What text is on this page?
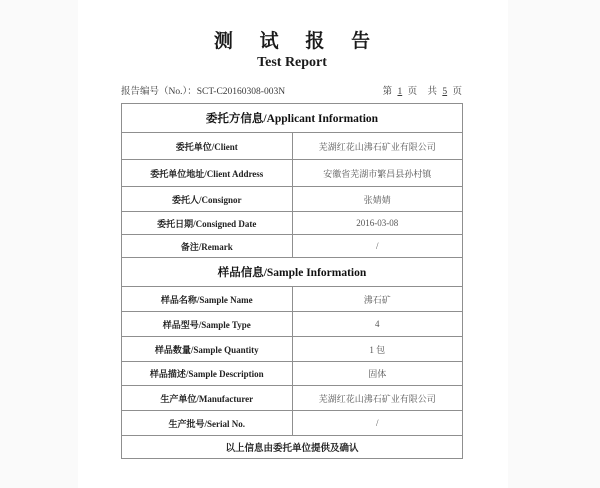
测 试 报 告
Test Report
报告编号（No.）：SCT-C20160308-003N	第 1 页 共 5 页
委托方信息/Applicant Information	
委托单位/Client	芜湖红花山沸石矿业有限公司
委托单位地址/Client Address	安徽省芜湖市繁昌县孙村镇
委托人/Consignor	张婧婧
委托日期/Consigned Date	2016-03-08
备注/Remark	/
样品信息/Sample Information	
样品名称/Sample Name	沸石矿
样品型号/Sample Type	4
样品数量/Sample Quantity	1 包
样品描述/Sample Description	固体
生产单位/Manufacturer	芜湖红花山沸石矿业有限公司
生产批号/Serial No.	/
以上信息由委托单位提供及确认	
